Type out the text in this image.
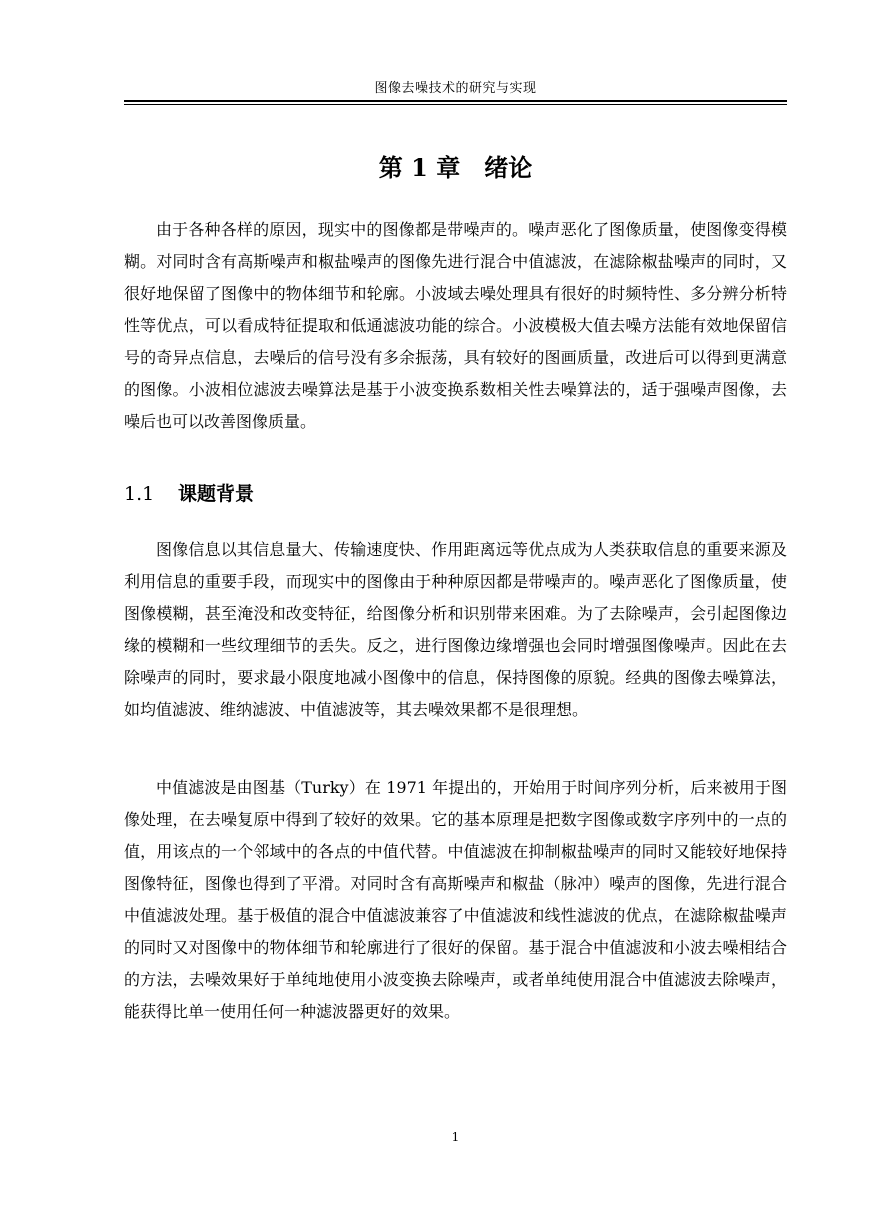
图像去噪技术的研究与实现
第 1 章　绪论

由于各种各样的原因，现实中的图像都是带噪声的。噪声恶化了图像质量，使图像变得模糊。对同时含有高斯噪声和椒盐噪声的图像先进行混合中值滤波，在滤除椒盐噪声的同时，又很好地保留了图像中的物体细节和轮廓。小波域去噪处理具有很好的时频特性、多分辨分析特性等优点，可以看成特征提取和低通滤波功能的综合。小波模极大值去噪方法能有效地保留信号的奇异点信息，去噪后的信号没有多余振荡，具有较好的图画质量，改进后可以得到更满意的图像。小波相位滤波去噪算法是基于小波变换系数相关性去噪算法的，适于强噪声图像，去噪后也可以改善图像质量。

1.1 课题背景

图像信息以其信息量大、传输速度快、作用距离远等优点成为人类获取信息的重要来源及利用信息的重要手段，而现实中的图像由于种种原因都是带噪声的。噪声恶化了图像质量，使图像模糊，甚至淹没和改变特征，给图像分析和识别带来困难。为了去除噪声，会引起图像边缘的模糊和一些纹理细节的丢失。反之，进行图像边缘增强也会同时增强图像噪声。因此在去除噪声的同时，要求最小限度地减小图像中的信息，保持图像的原貌。经典的图像去噪算法，如均值滤波、维纳滤波、中值滤波等，其去噪效果都不是很理想。

中值滤波是由图基（Turky）在 1971 年提出的，开始用于时间序列分析，后来被用于图像处理，在去噪复原中得到了较好的效果。它的基本原理是把数字图像或数字序列中的一点的值，用该点的一个邻域中的各点的中值代替。中值滤波在抑制椒盐噪声的同时又能较好地保持图像特征，图像也得到了平滑。对同时含有高斯噪声和椒盐（脉冲）噪声的图像，先进行混合中值滤波处理。基于极值的混合中值滤波兼容了中值滤波和线性滤波的优点，在滤除椒盐噪声的同时又对图像中的物体细节和轮廓进行了很好的保留。基于混合中值滤波和小波去噪相结合的方法，去噪效果好于单纯地使用小波变换去除噪声，或者单纯使用混合中值滤波去除噪声，能获得比单一使用任何一种滤波器更好的效果。

1
